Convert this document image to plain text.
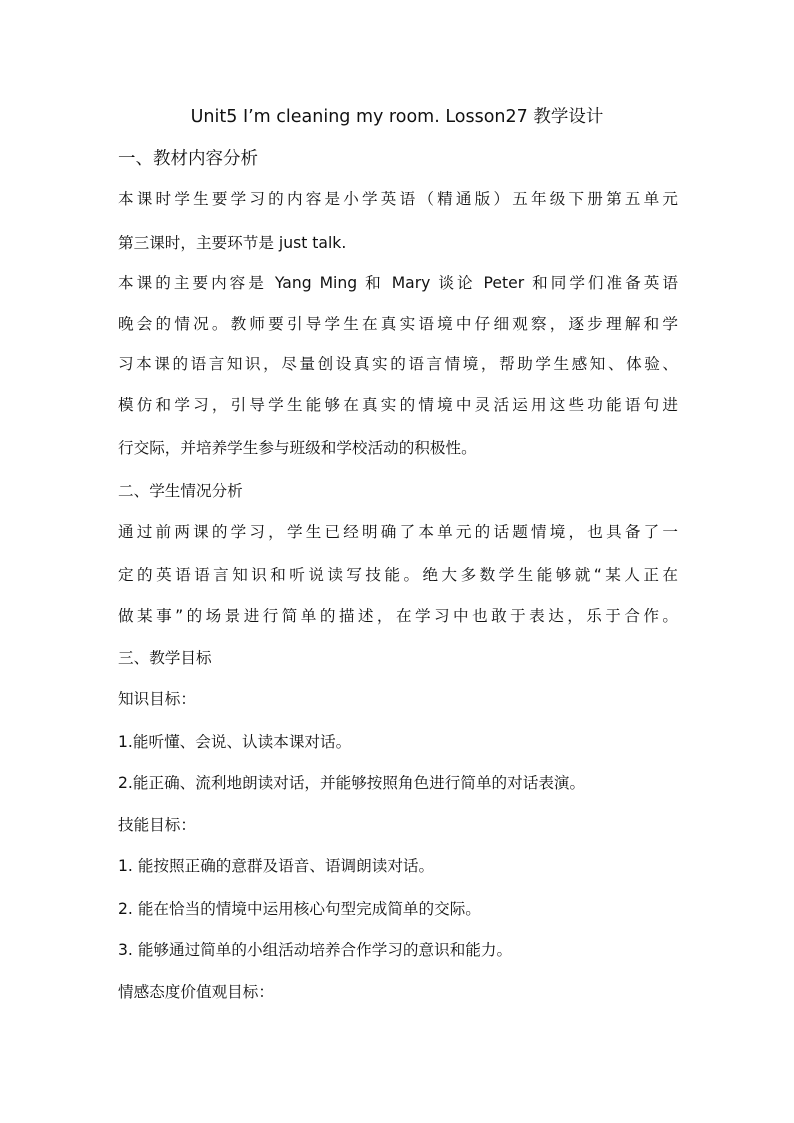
Unit5 I’m cleaning my room. Losson27 教学设计
一、教材内容分析
本课时学生要学习的内容是小学英语（精通版）五年级下册第五单元
第三课时，主要环节是 just talk.
本课的主要内容是 Yang Ming 和 Mary 谈论 Peter 和同学们准备英语
晚会的情况。教师要引导学生在真实语境中仔细观察，逐步理解和学
习本课的语言知识，尽量创设真实的语言情境，帮助学生感知、体验、
模仿和学习，引导学生能够在真实的情境中灵活运用这些功能语句进
行交际，并培养学生参与班级和学校活动的积极性。
二、学生情况分析
通过前两课的学习，学生已经明确了本单元的话题情境，也具备了一
定的英语语言知识和听说读写技能。绝大多数学生能够就“某人正在
做某事”的场景进行简单的描述，在学习中也敢于表达，乐于合作。
三、教学目标
知识目标：
1.能听懂、会说、认读本课对话。
2.能正确、流利地朗读对话，并能够按照角色进行简单的对话表演。
技能目标：
1. 能按照正确的意群及语音、语调朗读对话。
2. 能在恰当的情境中运用核心句型完成简单的交际。
3. 能够通过简单的小组活动培养合作学习的意识和能力。
情感态度价值观目标：
